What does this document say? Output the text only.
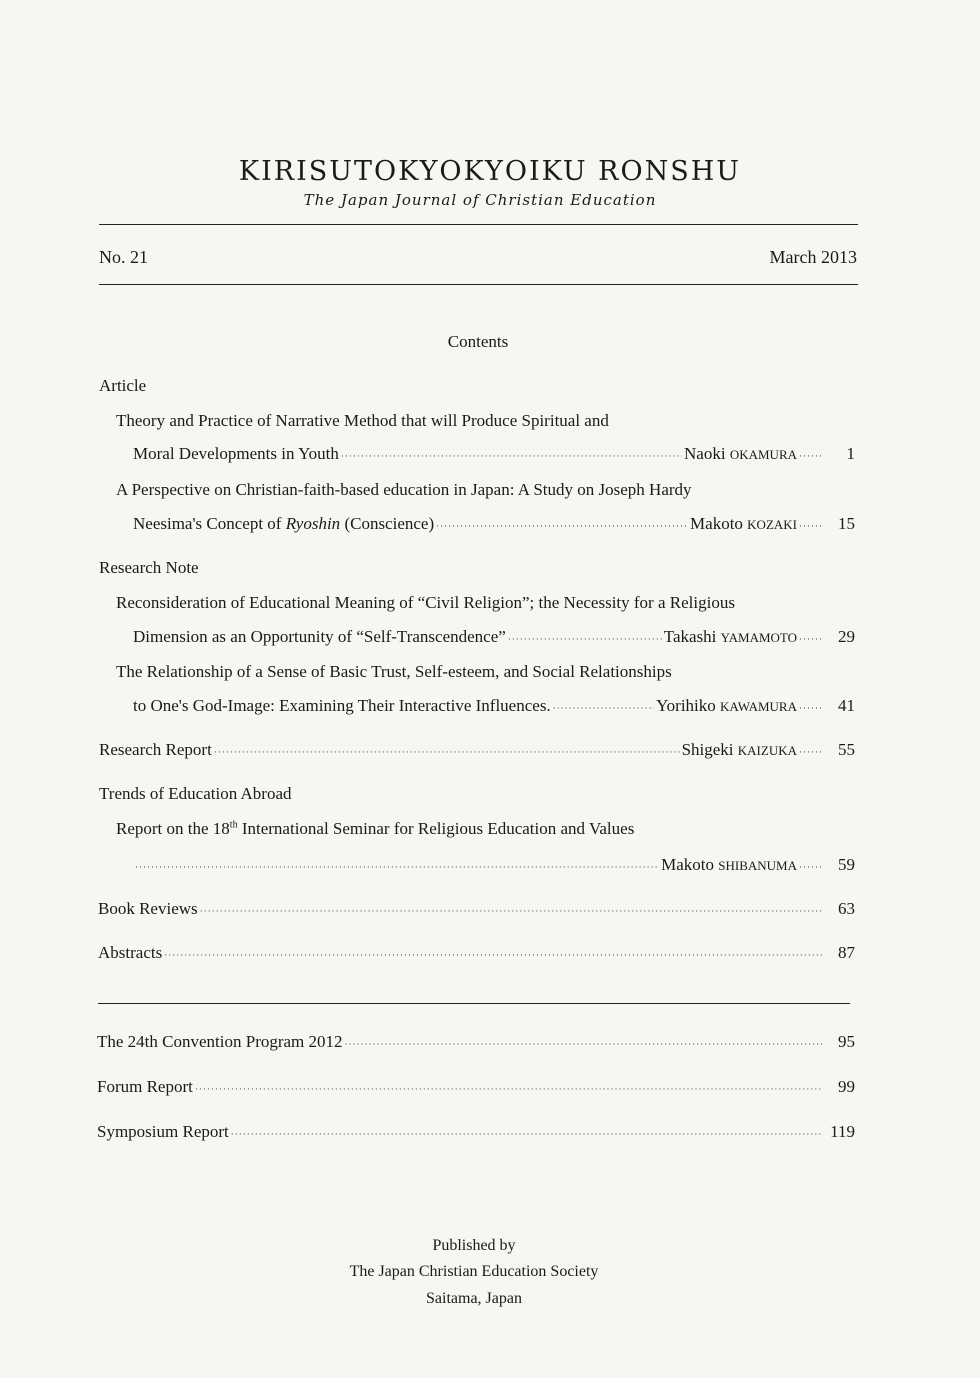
KIRISUTOKYOKYOIKU RONSHU
The Japan Journal of Christian Education
No. 21	March 2013
Contents
Article
Theory and Practice of Narrative Method that will Produce Spiritual and
Moral Developments in Youth ·····	Naoki OKAMURA ·····	1
A Perspective on Christian-faith-based education in Japan: A Study on Joseph Hardy
Neesima's Concept of Ryoshin (Conscience) ·····	Makoto KOZAKI ·····	15
Research Note
Reconsideration of Educational Meaning of “Civil Religion”; the Necessity for a Religious
Dimension as an Opportunity of “Self-Transcendence” ·····	Takashi YAMAMOTO ·····	29
The Relationship of a Sense of Basic Trust, Self-esteem, and Social Relationships
to One's God-Image: Examining Their Interactive Influences. ·····	Yorihiko KAWAMURA ·····	41
Research Report ·····	Shigeki KAIZUKA ·····	55
Trends of Education Abroad
Report on the 18th International Seminar for Religious Education and Values
·····
Makoto SHIBANUMA ·····	59
Book Reviews ·····	63
Abstracts ·····	87
The 24th Convention Program 2012 ·····	95
Forum Report ·····	99
Symposium Report ·····	119
Published by
The Japan Christian Education Society
Saitama, Japan
